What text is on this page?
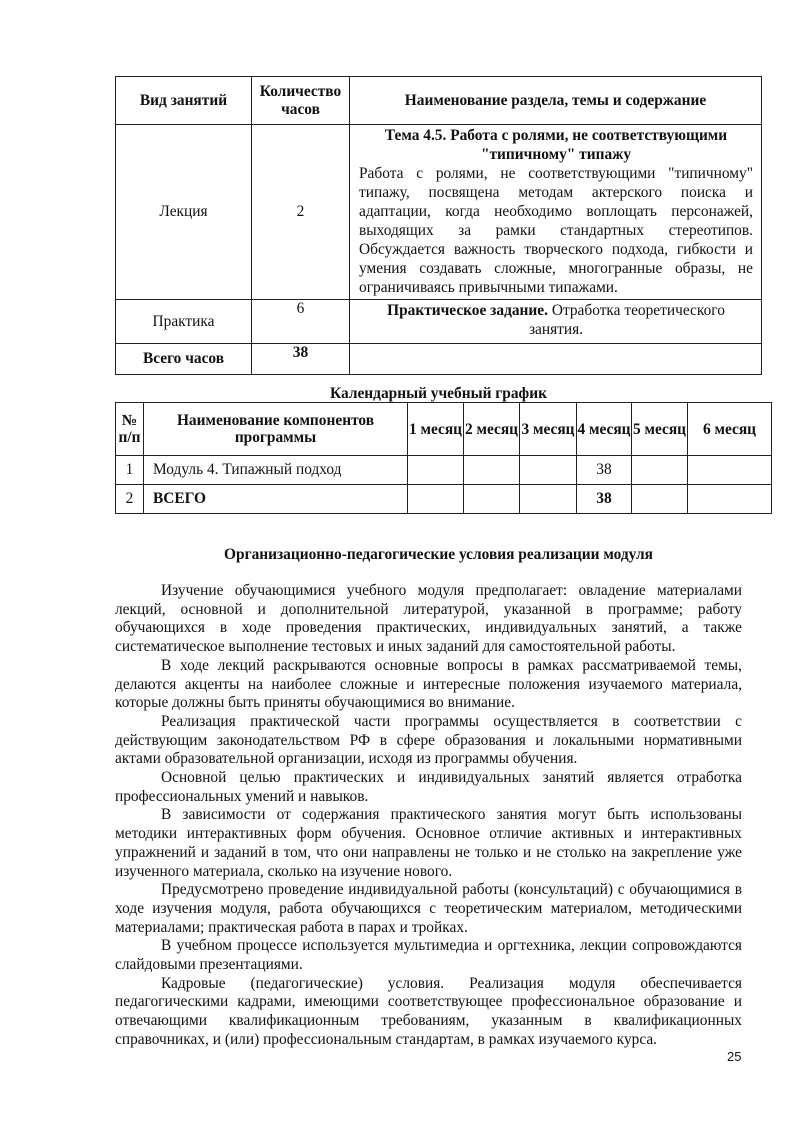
Вид занятий	Количество часов	Наименование раздела, темы и содержание
Лекция	2	Тема 4.5. Работа с ролями, не соответствующими "типичному" типажу
Работа с ролями, не соответствующими "типичному" типажу, посвящена методам актерского поиска и адаптации, когда необходимо воплощать персонажей, выходящих за рамки стандартных стереотипов. Обсуждается важность творческого подхода, гибкости и умения создавать сложные, многогранные образы, не ограничиваясь привычными типажами.

Практика	6	Практическое задание. Отработка теоретического занятия.
Всего часов	38	
Календарный учебный график
№ п/п	Наименование компонентов программы	1 месяц	2 месяц	3 месяц	4 месяц	5 месяц	6 месяц
1	Модуль 4. Типажный подход				38		
2	ВСЕГО				38		
Организационно-педагогические условия реализации модуля

Изучение обучающимися учебного модуля предполагает: овладение материалами лекций, основной и дополнительной литературой, указанной в программе; работу обучающихся в ходе проведения практических, индивидуальных занятий, а также систематическое выполнение тестовых и иных заданий для самостоятельной работы.

В ходе лекций раскрываются основные вопросы в рамках рассматриваемой темы, делаются акценты на наиболее сложные и интересные положения изучаемого материала, которые должны быть приняты обучающимися во внимание.

Реализация практической части программы осуществляется в соответствии с действующим законодательством РФ в сфере образования и локальными нормативными актами образовательной организации, исходя из программы обучения.

Основной целью практических и индивидуальных занятий является отработка профессиональных умений и навыков.

В зависимости от содержания практического занятия могут быть использованы методики интерактивных форм обучения. Основное отличие активных и интерактивных упражнений и заданий в том, что они направлены не только и не столько на закрепление уже изученного материала, сколько на изучение нового.

Предусмотрено проведение индивидуальной работы (консультаций) с обучающимися в ходе изучения модуля, работа обучающихся с теоретическим материалом, методическими материалами; практическая работа в парах и тройках.

В учебном процессе используется мультимедиа и оргтехника, лекции сопровождаются слайдовыми презентациями.

Кадровые (педагогические) условия. Реализация модуля обеспечивается педагогическими кадрами, имеющими соответствующее профессиональное образование и отвечающими квалификационным требованиям, указанным в квалификационных справочниках, и (или) профессиональным стандартам, в рамках изучаемого курса.

25
